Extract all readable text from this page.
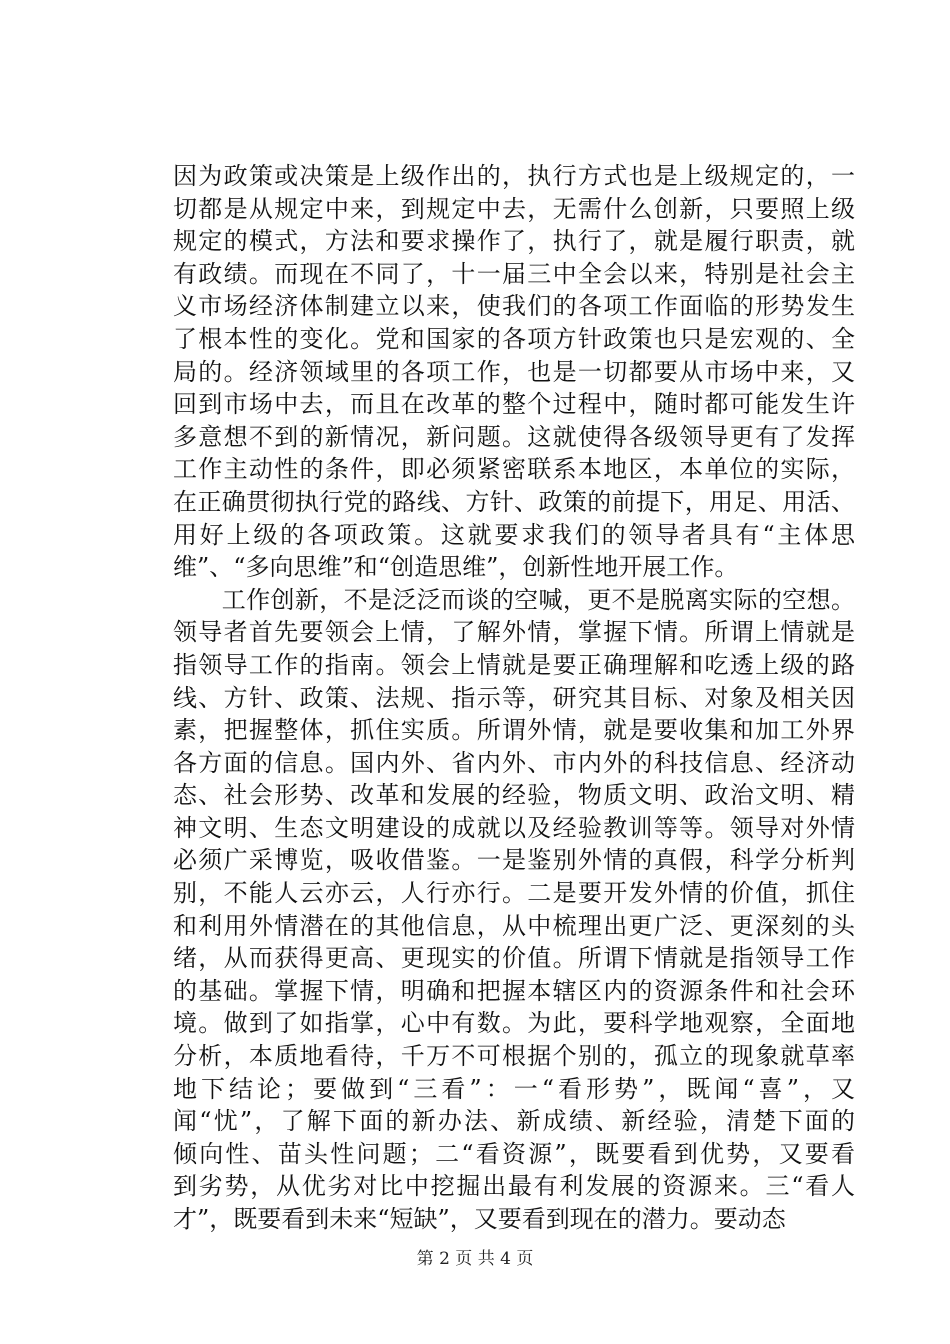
因为政策或决策是上级作出的，执行方式也是上级规定的，一
切都是从规定中来，到规定中去，无需什么创新，只要照上级
规定的模式，方法和要求操作了，执行了，就是履行职责，就
有政绩。而现在不同了，十一届三中全会以来，特别是社会主
义市场经济体制建立以来，使我们的各项工作面临的形势发生
了根本性的变化。党和国家的各项方针政策也只是宏观的、全
局的。经济领域里的各项工作，也是一切都要从市场中来，又
回到市场中去，而且在改革的整个过程中，随时都可能发生许
多意想不到的新情况，新问题。这就使得各级领导更有了发挥
工作主动性的条件，即必须紧密联系本地区，本单位的实际，
在正确贯彻执行党的路线、方针、政策的前提下，用足、用活、
用好上级的各项政策。这就要求我们的领导者具有“主体思
维”、“多向思维”和“创造思维”，创新性地开展工作。
　　工作创新，不是泛泛而谈的空喊，更不是脱离实际的空想。
领导者首先要领会上情，了解外情，掌握下情。所谓上情就是
指领导工作的指南。领会上情就是要正确理解和吃透上级的路
线、方针、政策、法规、指示等，研究其目标、对象及相关因
素，把握整体，抓住实质。所谓外情，就是要收集和加工外界
各方面的信息。国内外、省内外、市内外的科技信息、经济动
态、社会形势、改革和发展的经验，物质文明、政治文明、精
神文明、生态文明建设的成就以及经验教训等等。领导对外情
必须广采博览，吸收借鉴。一是鉴别外情的真假，科学分析判
别，不能人云亦云，人行亦行。二是要开发外情的价值，抓住
和利用外情潜在的其他信息，从中梳理出更广泛、更深刻的头
绪，从而获得更高、更现实的价值。所谓下情就是指领导工作
的基础。掌握下情，明确和把握本辖区内的资源条件和社会环
境。做到了如指掌，心中有数。为此，要科学地观察，全面地
分析，本质地看待，千万不可根据个别的，孤立的现象就草率
地下结论；要做到“三看”：一“看形势”，既闻“喜”，又
闻“忧”，了解下面的新办法、新成绩、新经验，清楚下面的
倾向性、苗头性问题；二“看资源”，既要看到优势，又要看
到劣势，从优劣对比中挖掘出最有利发展的资源来。三“看人
才”，既要看到未来“短缺”，又要看到现在的潜力。要动态
第 2 页 共 4 页
